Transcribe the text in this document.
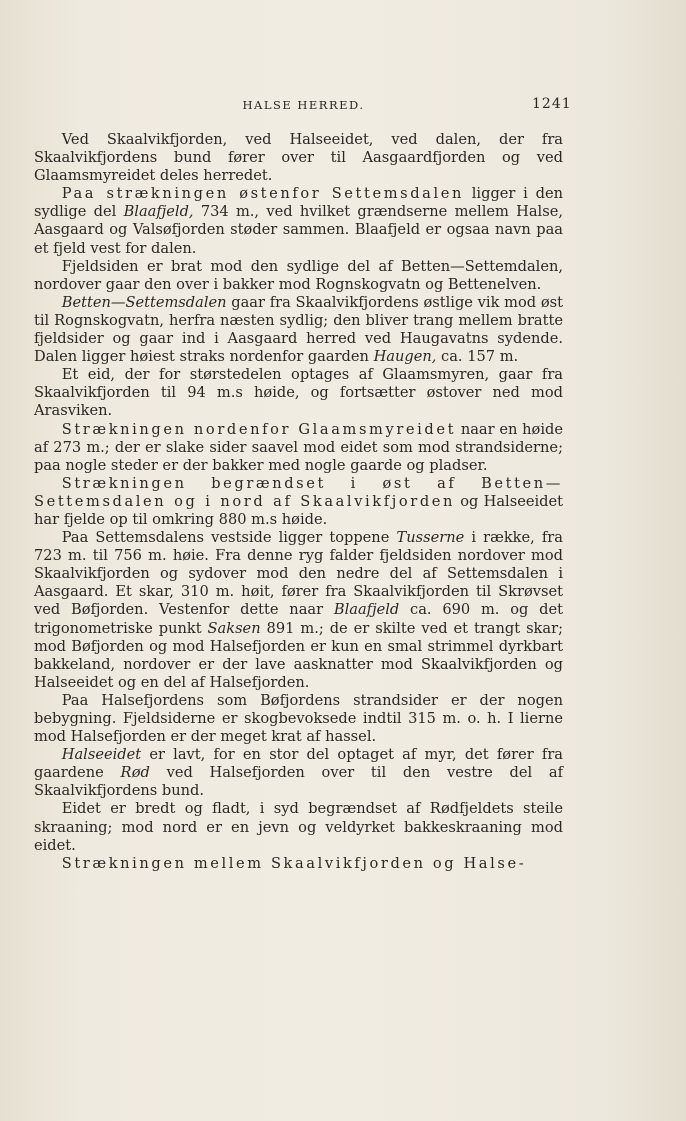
HALSE HERRED.	1241

Ved Skaalvikfjorden, ved Halseeidet, ved dalen, der fra Skaalvikfjordens bund fører over til Aasgaardfjorden og ved Glaamsmyreidet deles herredet.

Paa strækningen østenfor Settemsdalen ligger i den sydlige del Blaafjeld, 734 m., ved hvilket grændserne mellem Halse, Aasgaard og Valsøfjorden støder sammen. Blaafjeld er ogsaa navn paa et fjeld vest for dalen.

Fjeldsiden er brat mod den sydlige del af Betten—Settemdalen, nordover gaar den over i bakker mod Rognskogvatn og Bettenelven.

Betten—Settemsdalen gaar fra Skaalvikfjordens østlige vik mod øst til Rognskogvatn, herfra næsten sydlig; den bliver trang mellem bratte fjeldsider og gaar ind i Aasgaard herred ved Haugavatns sydende. Dalen ligger høiest straks nordenfor gaarden Haugen, ca. 157 m.

Et eid, der for størstedelen optages af Glaamsmyren, gaar fra Skaalvikfjorden til 94 m.s høide, og fortsætter østover ned mod Arasviken.

Strækningen nordenfor Glaamsmyreidet naar en høide af 273 m.; der er slake sider saavel mod eidet som mod strandsiderne; paa nogle steder er der bakker med nogle gaarde og pladser.

Strækningen begrændset i øst af Betten—Settemsdalen og i nord af Skaalvikfjorden og Halseeidet har fjelde op til omkring 880 m.s høide.

Paa Settemsdalens vestside ligger toppene Tusserne i række, fra 723 m. til 756 m. høie. Fra denne ryg falder fjeldsiden nordover mod Skaalvikfjorden og sydover mod den nedre del af Settemsdalen i Aasgaard. Et skar, 310 m. høit, fører fra Skaalvikfjorden til Skrøvset ved Bøfjorden. Vestenfor dette naar Blaafjeld ca. 690 m. og det trigonometriske punkt Saksen 891 m.; de er skilte ved et trangt skar; mod Bøfjorden og mod Halsefjorden er kun en smal strimmel dyrkbart bakkeland, nordover er der lave aasknatter mod Skaalvikfjorden og Halseeidet og en del af Halsefjorden.

Paa Halsefjordens som Bøfjordens strandsider er der nogen bebygning. Fjeldsiderne er skogbevoksede indtil 315 m. o. h. I lierne mod Halsefjorden er der meget krat af hassel.

Halseeidet er lavt, for en stor del optaget af myr, det fører fra gaardene Rød ved Halsefjorden over til den vestre del af Skaalvikfjordens bund.

Eidet er bredt og fladt, i syd begrændset af Rødfjeldets steile skraaning; mod nord er en jevn og veldyrket bakkeskraaning mod eidet.

Strækningen mellem Skaalvikfjorden og Halse-
